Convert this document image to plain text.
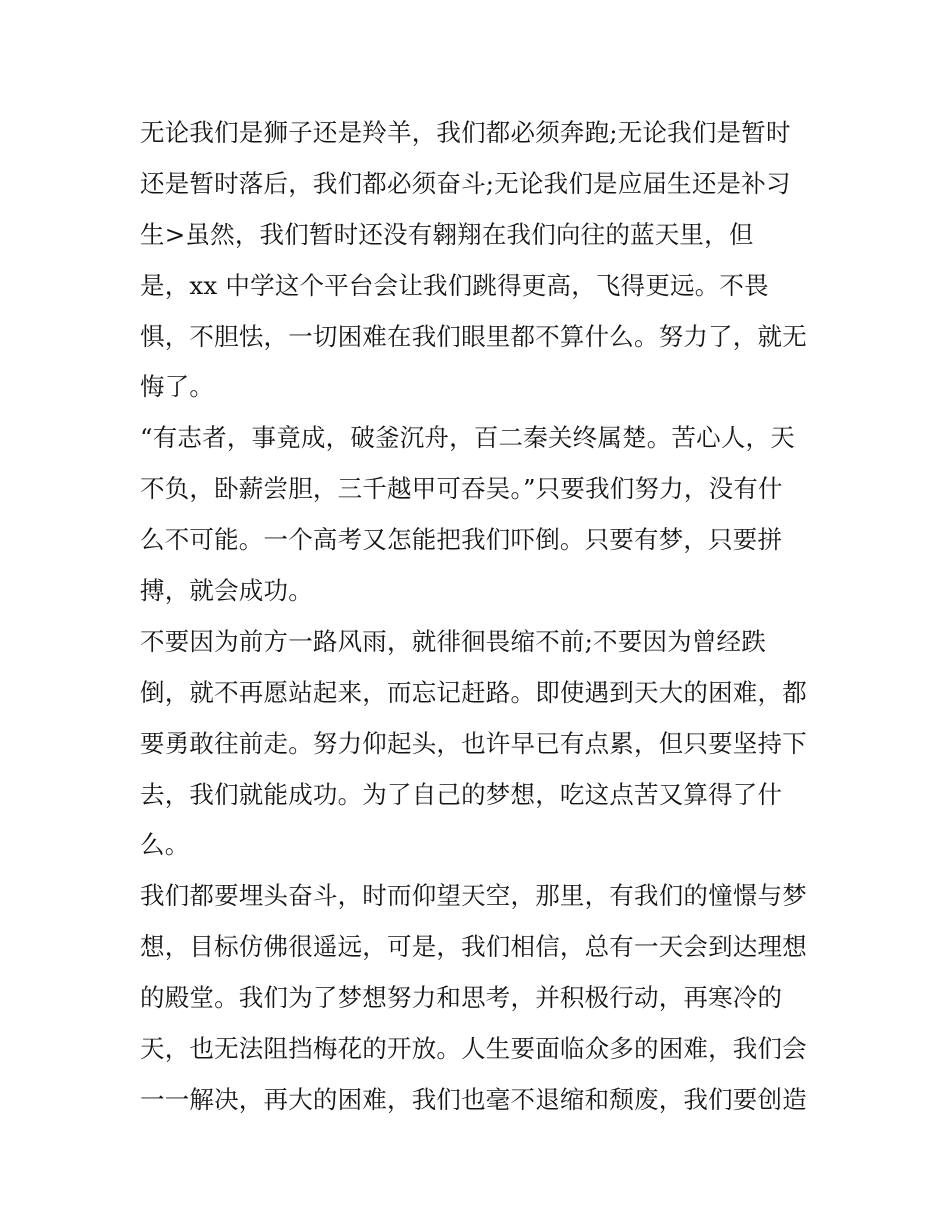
无论我们是狮子还是羚羊，我们都必须奔跑;无论我们是暂时
还是暂时落后，我们都必须奋斗;无论我们是应届生还是补习
生>虽然，我们暂时还没有翱翔在我们向往的蓝天里，但
是，xx 中学这个平台会让我们跳得更高，飞得更远。不畏
惧，不胆怯，一切困难在我们眼里都不算什么。努力了，就无
悔了。
“有志者，事竟成，破釜沉舟，百二秦关终属楚。苦心人，天
不负，卧薪尝胆，三千越甲可吞吴。”只要我们努力，没有什
么不可能。一个高考又怎能把我们吓倒。只要有梦，只要拼
搏，就会成功。
不要因为前方一路风雨，就徘徊畏缩不前;不要因为曾经跌
倒，就不再愿站起来，而忘记赶路。即使遇到天大的困难，都
要勇敢往前走。努力仰起头，也许早已有点累，但只要坚持下
去，我们就能成功。为了自己的梦想，吃这点苦又算得了什
么。
我们都要埋头奋斗，时而仰望天空，那里，有我们的憧憬与梦
想，目标仿佛很遥远，可是，我们相信，总有一天会到达理想
的殿堂。我们为了梦想努力和思考，并积极行动，再寒冷的
天，也无法阻挡梅花的开放。人生要面临众多的困难，我们会
一一解决，再大的困难，我们也毫不退缩和颓废，我们要创造
